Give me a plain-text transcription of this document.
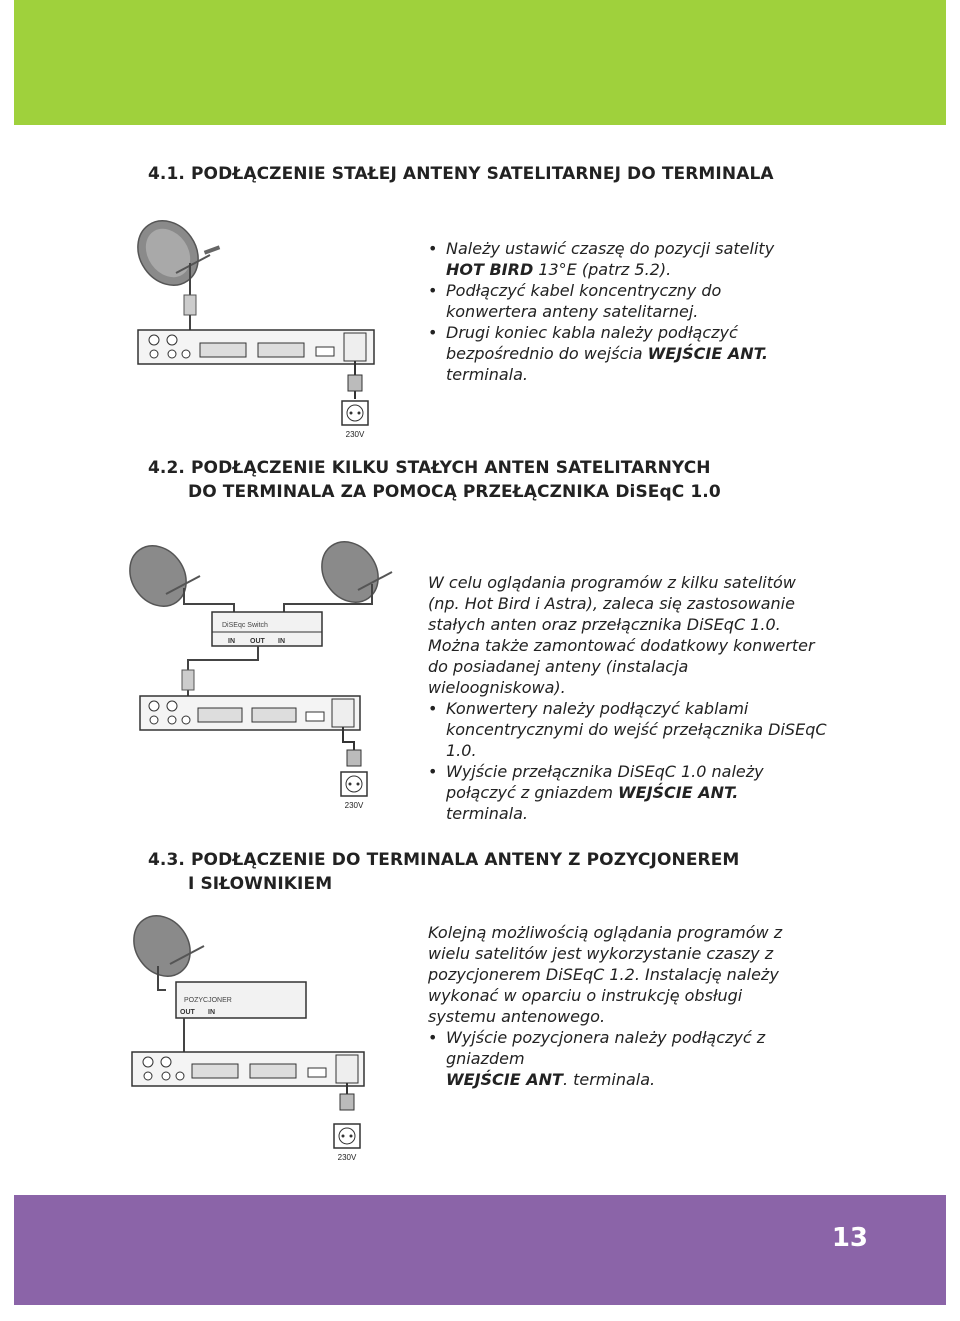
4.1. PODŁĄCZENIE STAŁEJ ANTENY SATELITARNEJ DO TERMINALA
230V
• Należy ustawić czaszę do pozycji satelity
HOT BIRD 13°E (patrz 5.2).
• Podłączyć kabel koncentryczny do konwertera anteny satelitarnej.
• Drugi koniec kabla należy podłączyć bezpośrednio do wejścia WEJŚCIE ANT.
terminala.
4.2. PODŁĄCZENIE KILKU STAŁYCH ANTEN SATELITARNYCH
DO TERMINALA ZA POMOCĄ PRZEŁĄCZNIKA DiSEqC 1.0
DiSEqc Switch
IN OUT IN
230V

W celu oglądania programów z kilku satelitów (np. Hot Bird i Astra), zaleca się zastosowanie stałych anten oraz przełącznika DiSEqC 1.0.

Można także zamontować dodatkowy konwerter do posiadanej anteny (instalacja wieloogniskowa).

• Konwertery należy podłączyć kablami koncentrycznymi do wejść przełącznika DiSEqC 1.0.
• Wyjście przełącznika DiSEqC 1.0 należy połączyć z gniazdem WEJŚCIE ANT.
terminala.
4.3. PODŁĄCZENIE DO TERMINALA ANTENY Z POZYCJONEREM
I SIŁOWNIKIEM
POZYCJONER
OUT IN
230V

Kolejną możliwością oglądania programów z wielu satelitów jest wykorzystanie czaszy z pozycjonerem DiSEqC 1.2. Instalację należy wykonać w oparciu o instrukcję obsługi systemu antenowego.

• Wyjście pozycjonera należy podłączyć z gniazdem
WEJŚCIE ANT. terminala.
13
